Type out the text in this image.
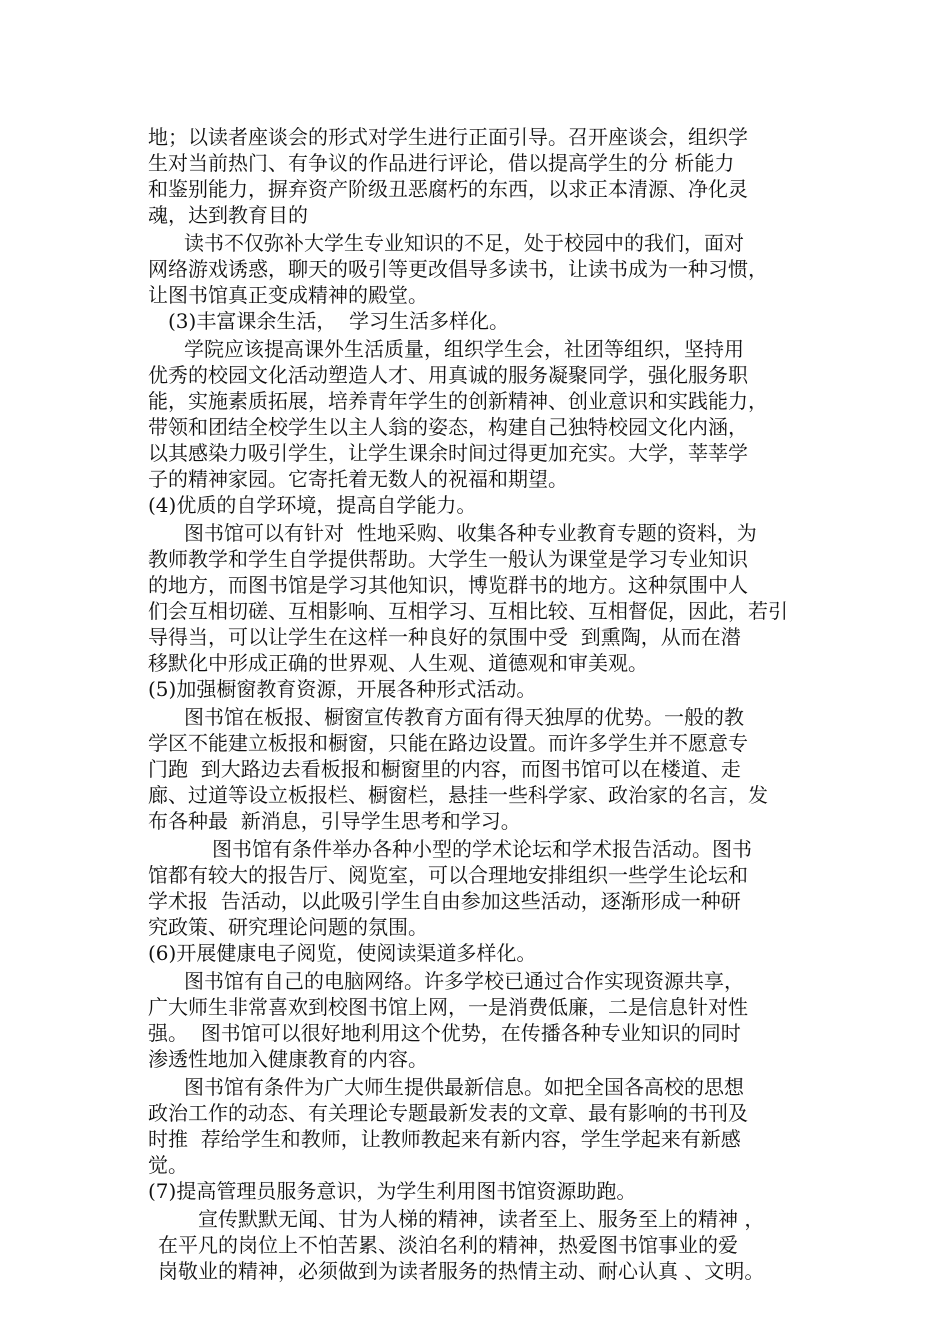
地；以读者座谈会的形式对学生进行正面引导。召开座谈会，组织学
生对当前热门、有争议的作品进行评论，借以提高学生的分 析能力
和鉴别能力，摒弃资产阶级丑恶腐朽的东西，以求正本清源、净化灵
魂，达到教育目的
读书不仅弥补大学生专业知识的不足，处于校园中的我们，面对
网络游戏诱惑，聊天的吸引等更改倡导多读书，让读书成为一种习惯，
让图书馆真正变成精神的殿堂。
(3)丰富课余生活，  学习生活多样化。
学院应该提高课外生活质量，组织学生会，社团等组织，坚持用
优秀的校园文化活动塑造人才、用真诚的服务凝聚同学，强化服务职
能，实施素质拓展，培养青年学生的创新精神、创业意识和实践能力，
带领和团结全校学生以主人翁的姿态，构建自己独特校园文化内涵，
以其感染力吸引学生，让学生课余时间过得更加充实。大学，莘莘学
子的精神家园。它寄托着无数人的祝福和期望。
(4)优质的自学环境，提高自学能力。
图书馆可以有针对  性地采购、收集各种专业教育专题的资料，为
教师教学和学生自学提供帮助。大学生一般认为课堂是学习专业知识
的地方，而图书馆是学习其他知识，博览群书的地方。这种氛围中人
们会互相切磋、互相影响、互相学习、互相比较、互相督促，因此，若引
导得当，可以让学生在这样一种良好的氛围中受  到熏陶，从而在潜
移默化中形成正确的世界观、人生观、道德观和审美观。
(5)加强橱窗教育资源，开展各种形式活动。
图书馆在板报、橱窗宣传教育方面有得天独厚的优势。一般的教
学区不能建立板报和橱窗，只能在路边设置。而许多学生并不愿意专
门跑  到大路边去看板报和橱窗里的内容，而图书馆可以在楼道、走
廊、过道等设立板报栏、橱窗栏，悬挂一些科学家、政治家的名言，发
布各种最  新消息，引导学生思考和学习。
图书馆有条件举办各种小型的学术论坛和学术报告活动。图书
馆都有较大的报告厅、阅览室，可以合理地安排组织一些学生论坛和
学术报  告活动，以此吸引学生自由参加这些活动，逐渐形成一种研
究政策、研究理论问题的氛围。
(6)开展健康电子阅览，使阅读渠道多样化。
图书馆有自己的电脑网络。许多学校已通过合作实现资源共享，
广大师生非常喜欢到校图书馆上网，一是消费低廉，二是信息针对性
强。  图书馆可以很好地利用这个优势，在传播各种专业知识的同时
渗透性地加入健康教育的内容。
图书馆有条件为广大师生提供最新信息。如把全国各高校的思想
政治工作的动态、有关理论专题最新发表的文章、最有影响的书刊及
时推  荐给学生和教师，让教师教起来有新内容，学生学起来有新感
觉。
(7)提高管理员服务意识，为学生利用图书馆资源助跑。
宣传默默无闻、甘为人梯的精神，读者至上、服务至上的精神 ，
在平凡的岗位上不怕苦累、淡泊名利的精神，热爱图书馆事业的爱
岗敬业的精神，必须做到为读者服务的热情主动、耐心认真 、文明。
